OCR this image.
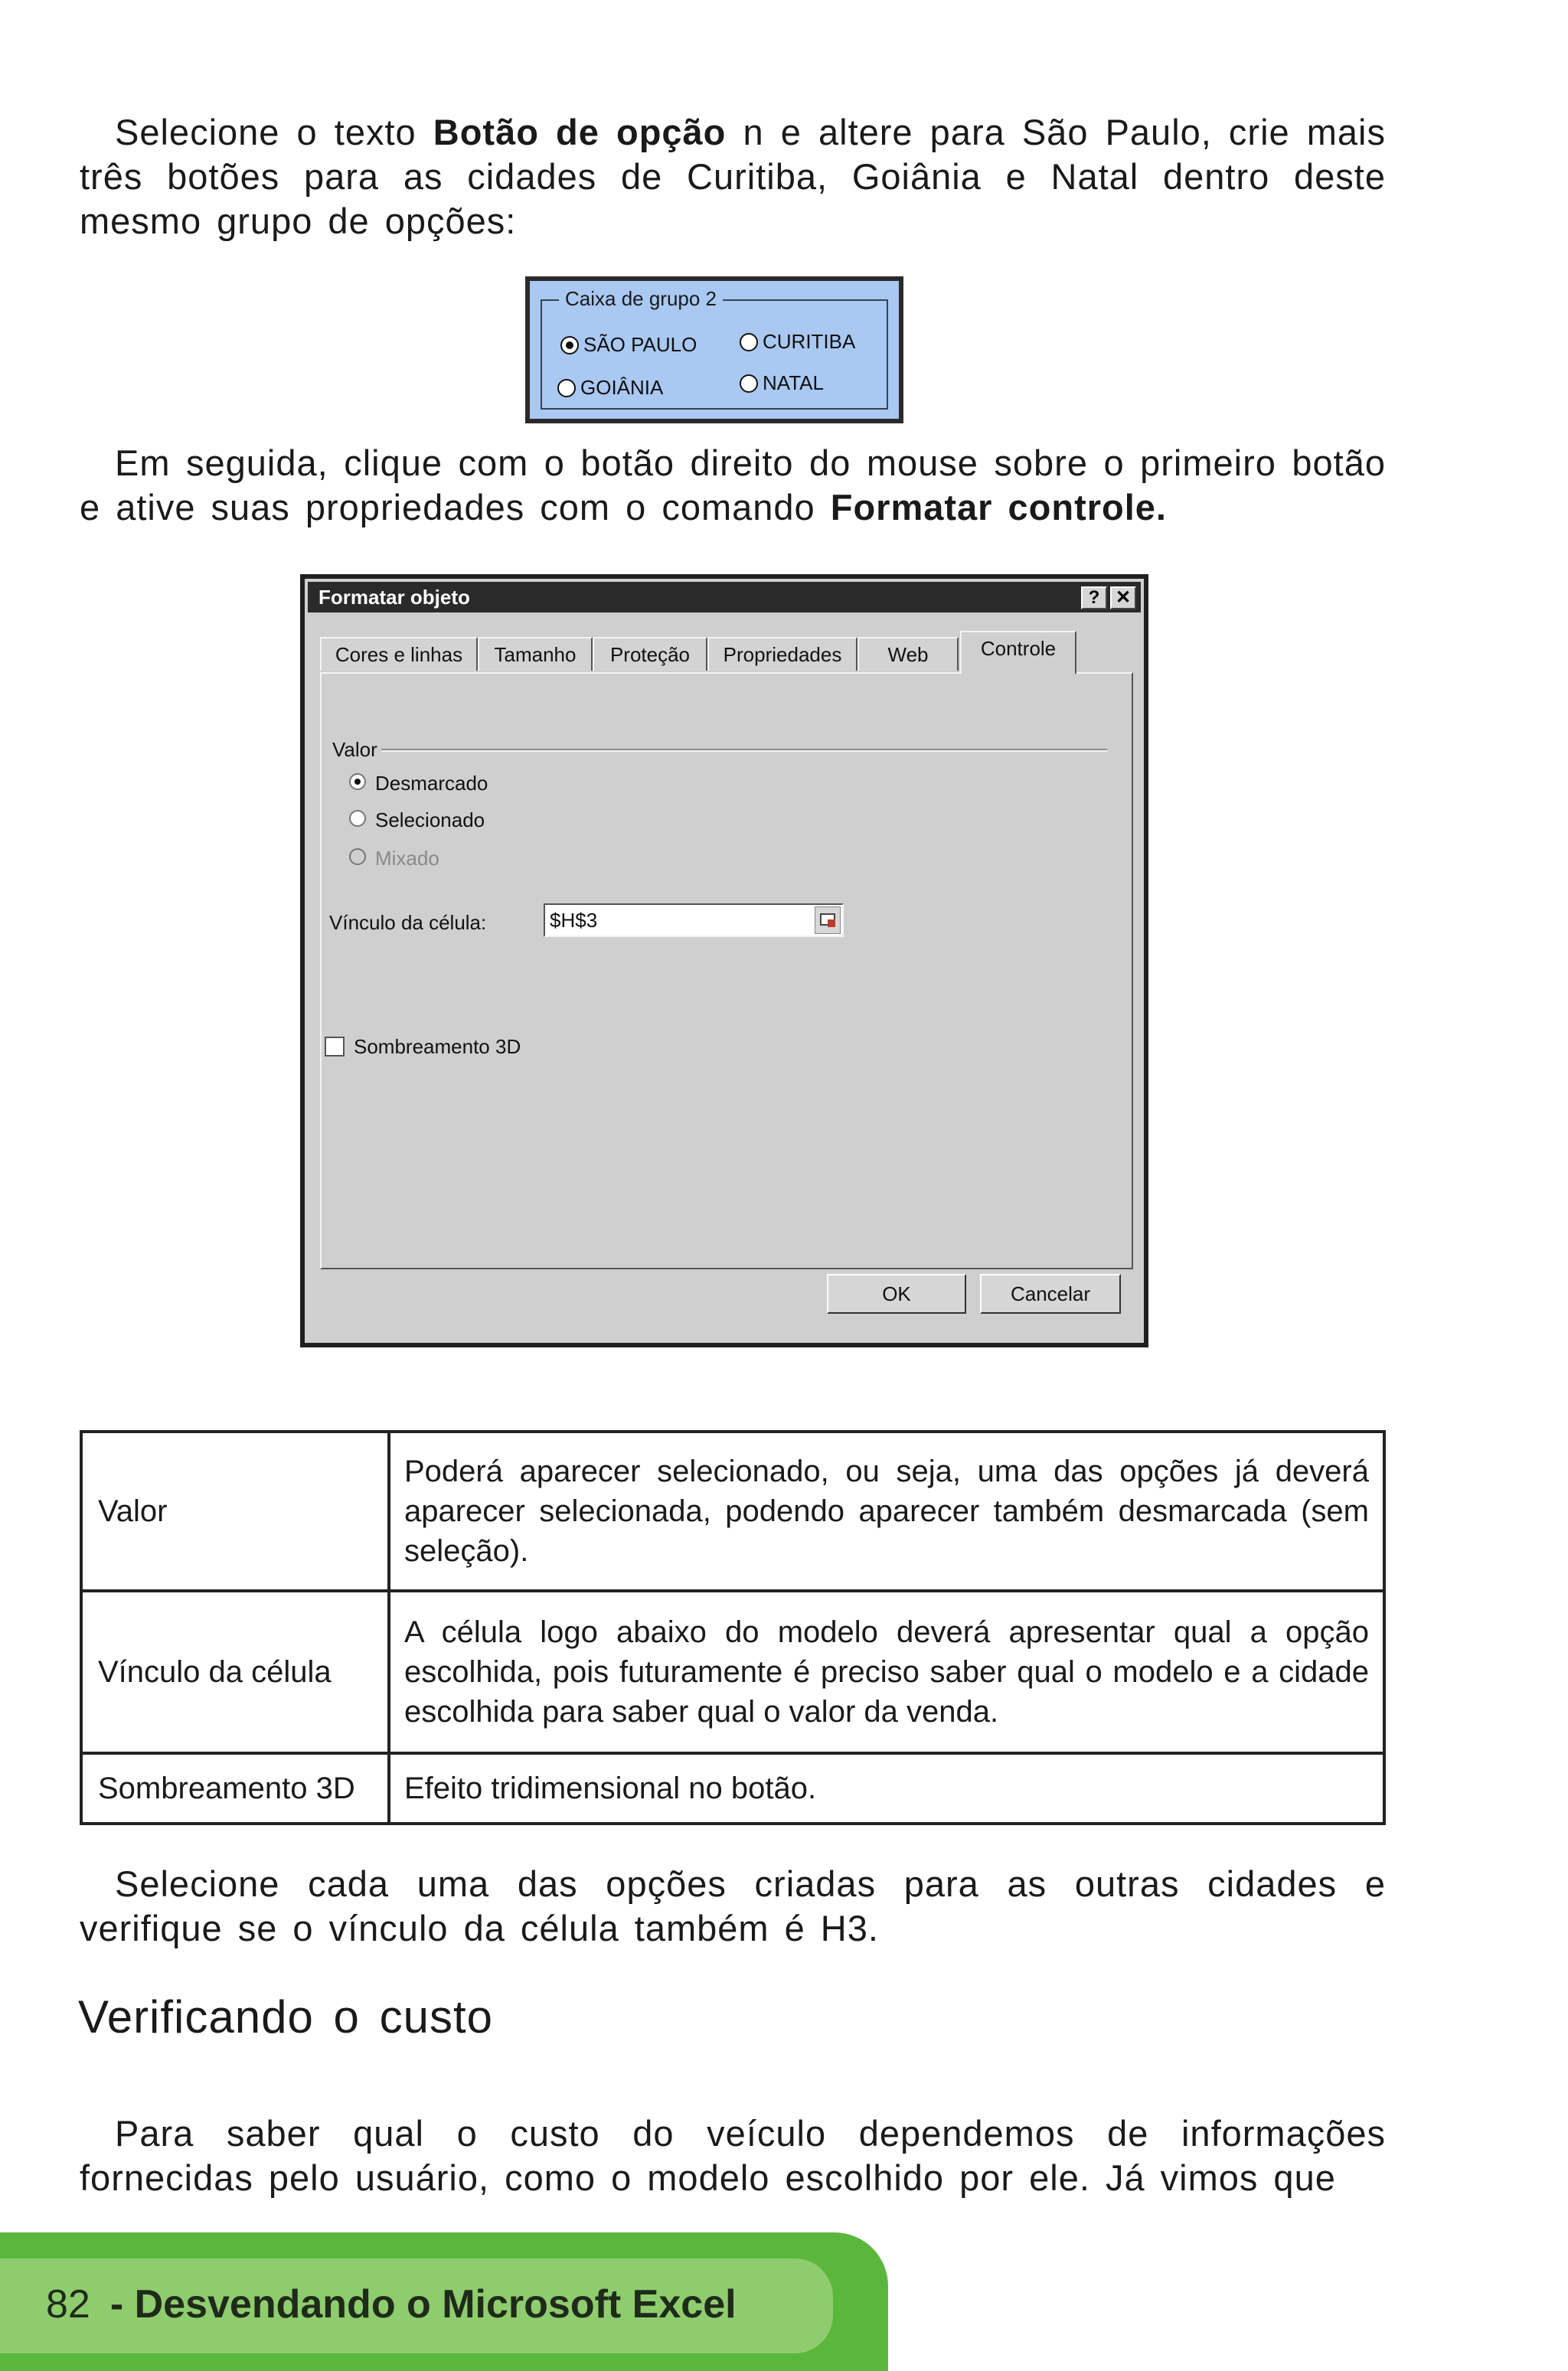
Selecione o texto Botão de opção n e altere para São Paulo, crie mais três botões para as cidades de Curitiba, Goiânia e Natal dentro deste mesmo grupo de opções:
Caixa de grupo 2
SÃO PAULO	CURITIBA
GOIÂNIA	NATAL
Em seguida, clique com o botão direito do mouse sobre o primeiro botão e ative suas propriedades com o comando Formatar controle.
Formatar objeto	? ✕
Cores e linhas	Tamanho	Proteção	Propriedades	Web	Controle
Valor
Desmarcado
Selecionado
Mixado
Vínculo da célula:	$H$3
Sombreamento 3D
OK	Cancelar
Valor	Poderá aparecer selecionado, ou seja, uma das opções já deverá aparecer selecionada, podendo aparecer também desmarcada (sem seleção).
Vínculo da célula	A célula logo abaixo do modelo deverá apresentar qual a opção escolhida, pois futuramente é preciso saber qual o modelo e a cidade escolhida para saber qual o valor da venda.
Sombreamento 3D	Efeito tridimensional no botão.
Selecione cada uma das opções criadas para as outras cidades e verifique se o vínculo da célula também é H3.
Verificando o custo
Para saber qual o custo do veículo dependemos de informações fornecidas pelo usuário, como o modelo escolhido por ele. Já vimos que
82 - Desvendando o Microsoft Excel
